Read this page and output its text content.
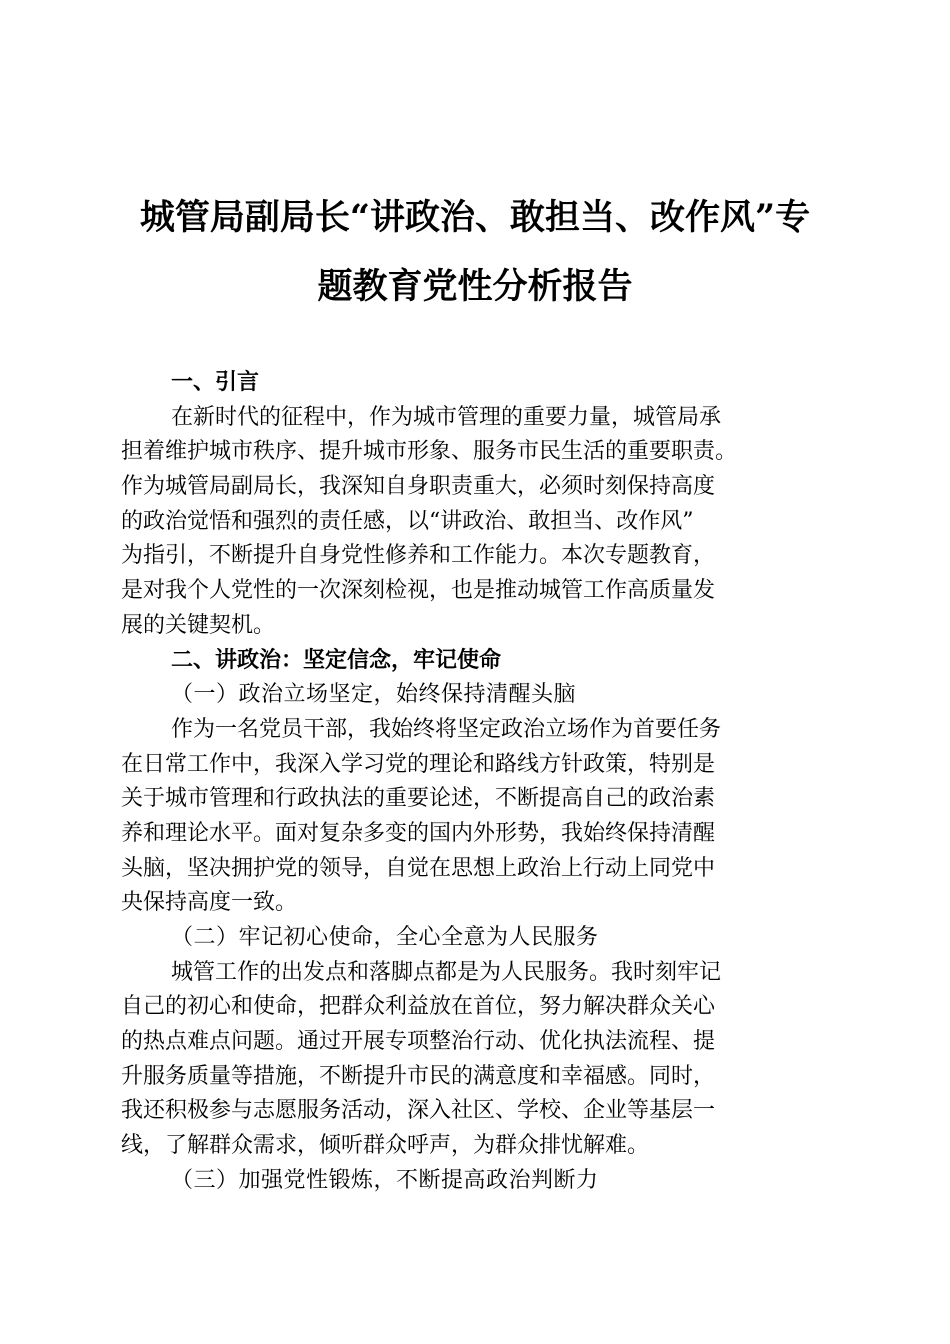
城管局副局长“讲政治、敢担当、改作风”专
题教育党性分析报告
一、引言
在新时代的征程中，作为城市管理的重要力量，城管局承
担着维护城市秩序、提升城市形象、服务市民生活的重要职责。
作为城管局副局长，我深知自身职责重大，必须时刻保持高度
的政治觉悟和强烈的责任感，以“讲政治、敢担当、改作风”
为指引，不断提升自身党性修养和工作能力。本次专题教育，
是对我个人党性的一次深刻检视，也是推动城管工作高质量发
展的关键契机。
二、讲政治：坚定信念，牢记使命
（一）政治立场坚定，始终保持清醒头脑
作为一名党员干部，我始终将坚定政治立场作为首要任务
在日常工作中，我深入学习党的理论和路线方针政策，特别是
关于城市管理和行政执法的重要论述，不断提高自己的政治素
养和理论水平。面对复杂多变的国内外形势，我始终保持清醒
头脑，坚决拥护党的领导，自觉在思想上政治上行动上同党中
央保持高度一致。
（二）牢记初心使命，全心全意为人民服务
城管工作的出发点和落脚点都是为人民服务。我时刻牢记
自己的初心和使命，把群众利益放在首位，努力解决群众关心
的热点难点问题。通过开展专项整治行动、优化执法流程、提
升服务质量等措施，不断提升市民的满意度和幸福感。同时，
我还积极参与志愿服务活动，深入社区、学校、企业等基层一
线，了解群众需求，倾听群众呼声，为群众排忧解难。
（三）加强党性锻炼，不断提高政治判断力
